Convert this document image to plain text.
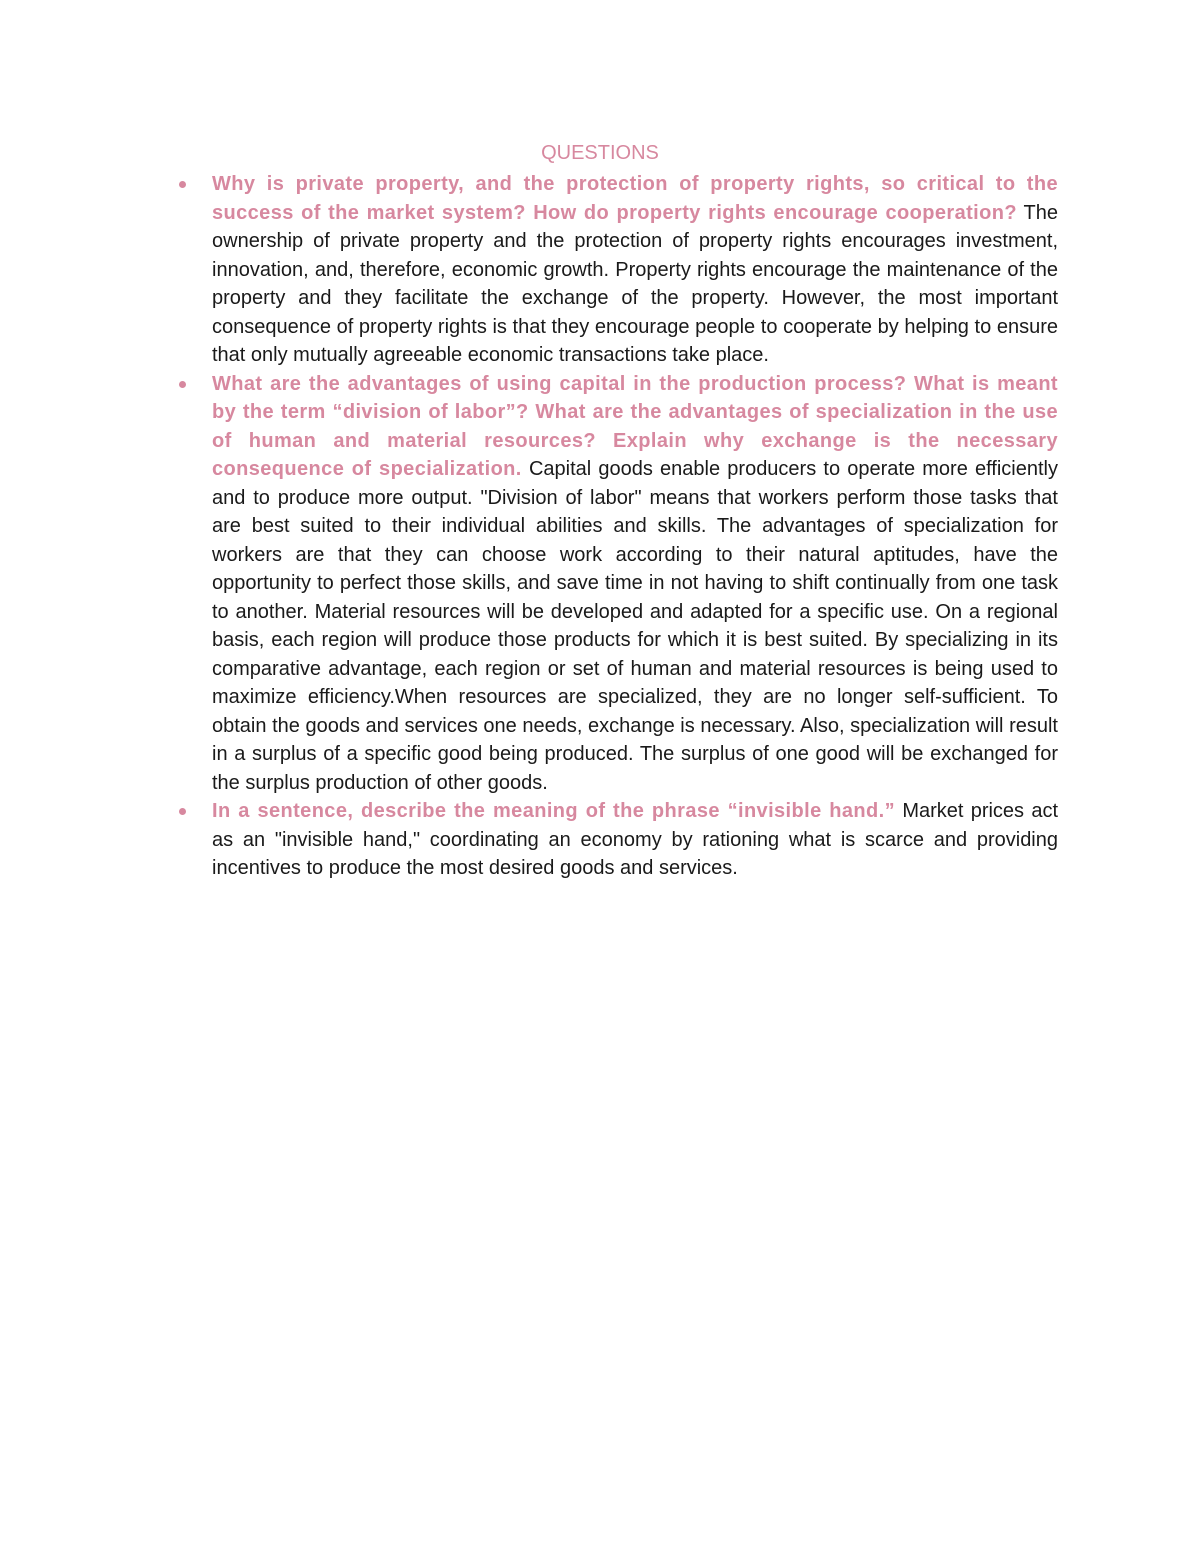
QUESTIONS
Why is private property, and the protection of property rights, so critical to the success of the market system? How do property rights encourage cooperation? The ownership of private property and the protection of property rights encourages investment, innovation, and, therefore, economic growth. Property rights encourage the maintenance of the property and they facilitate the exchange of the property. However, the most important consequence of property rights is that they encourage people to cooperate by helping to ensure that only mutually agreeable economic transactions take place.
What are the advantages of using capital in the production process? What is meant by the term “division of labor”? What are the advantages of specialization in the use of human and material resources? Explain why exchange is the necessary consequence of specialization. Capital goods enable producers to operate more efficiently and to produce more output. "Division of labor" means that workers perform those tasks that are best suited to their individual abilities and skills. The advantages of specialization for workers are that they can choose work according to their natural aptitudes, have the opportunity to perfect those skills, and save time in not having to shift continually from one task to another. Material resources will be developed and adapted for a specific use. On a regional basis, each region will produce those products for which it is best suited. By specializing in its comparative advantage, each region or set of human and material resources is being used to maximize efficiency.When resources are specialized, they are no longer self-sufficient. To obtain the goods and services one needs, exchange is necessary. Also, specialization will result in a surplus of a specific good being produced. The surplus of one good will be exchanged for the surplus production of other goods.
In a sentence, describe the meaning of the phrase “invisible hand.” Market prices act as an "invisible hand," coordinating an economy by rationing what is scarce and providing incentives to produce the most desired goods and services.
